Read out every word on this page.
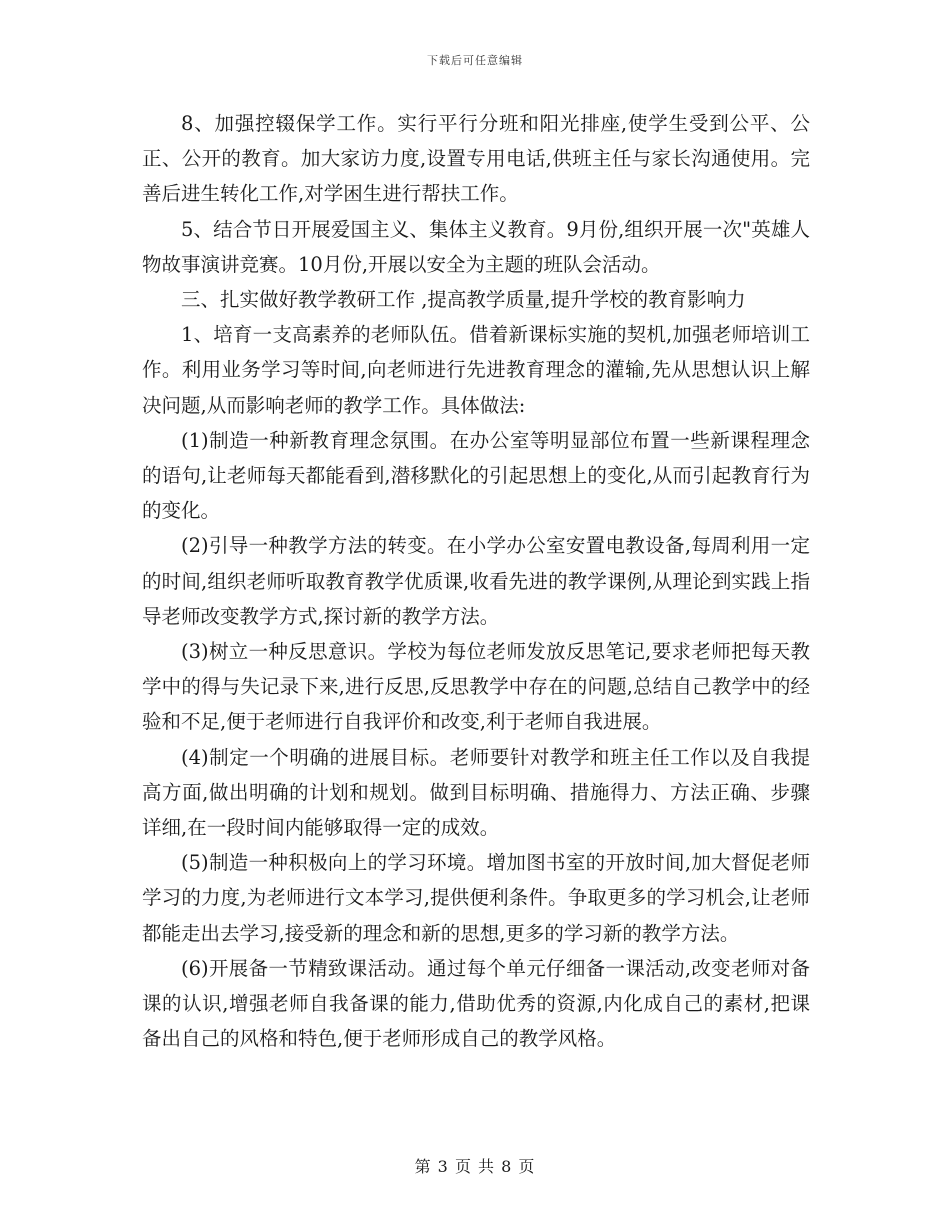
下载后可任意编辑

8、加强控辍保学工作。实行平行分班和阳光排座,使学生受到公平、公正、公开的教育。加大家访力度,设置专用电话,供班主任与家长沟通使用。完善后进生转化工作,对学困生进行帮扶工作。

5、结合节日开展爱国主义、集体主义教育。9月份,组织开展一次"英雄人物故事演讲竞赛。10月份,开展以安全为主题的班队会活动。

三、扎实做好教学教研工作 ,提高教学质量,提升学校的教育影响力

1、培育一支高素养的老师队伍。借着新课标实施的契机,加强老师培训工作。利用业务学习等时间,向老师进行先进教育理念的灌输,先从思想认识上解决问题,从而影响老师的教学工作。具体做法:

(1)制造一种新教育理念氛围。在办公室等明显部位布置一些新课程理念的语句,让老师每天都能看到,潜移默化的引起思想上的变化,从而引起教育行为的变化。

(2)引导一种教学方法的转变。在小学办公室安置电教设备,每周利用一定的时间,组织老师听取教育教学优质课,收看先进的教学课例,从理论到实践上指导老师改变教学方式,探讨新的教学方法。

(3)树立一种反思意识。学校为每位老师发放反思笔记,要求老师把每天教学中的得与失记录下来,进行反思,反思教学中存在的问题,总结自己教学中的经验和不足,便于老师进行自我评价和改变,利于老师自我进展。

(4)制定一个明确的进展目标。老师要针对教学和班主任工作以及自我提高方面,做出明确的计划和规划。做到目标明确、措施得力、方法正确、步骤详细,在一段时间内能够取得一定的成效。

(5)制造一种积极向上的学习环境。增加图书室的开放时间,加大督促老师学习的力度,为老师进行文本学习,提供便利条件。争取更多的学习机会,让老师都能走出去学习,接受新的理念和新的思想,更多的学习新的教学方法。

(6)开展备一节精致课活动。通过每个单元仔细备一课活动,改变老师对备课的认识,增强老师自我备课的能力,借助优秀的资源,内化成自己的素材,把课备出自己的风格和特色,便于老师形成自己的教学风格。

第 3 页 共 8 页
